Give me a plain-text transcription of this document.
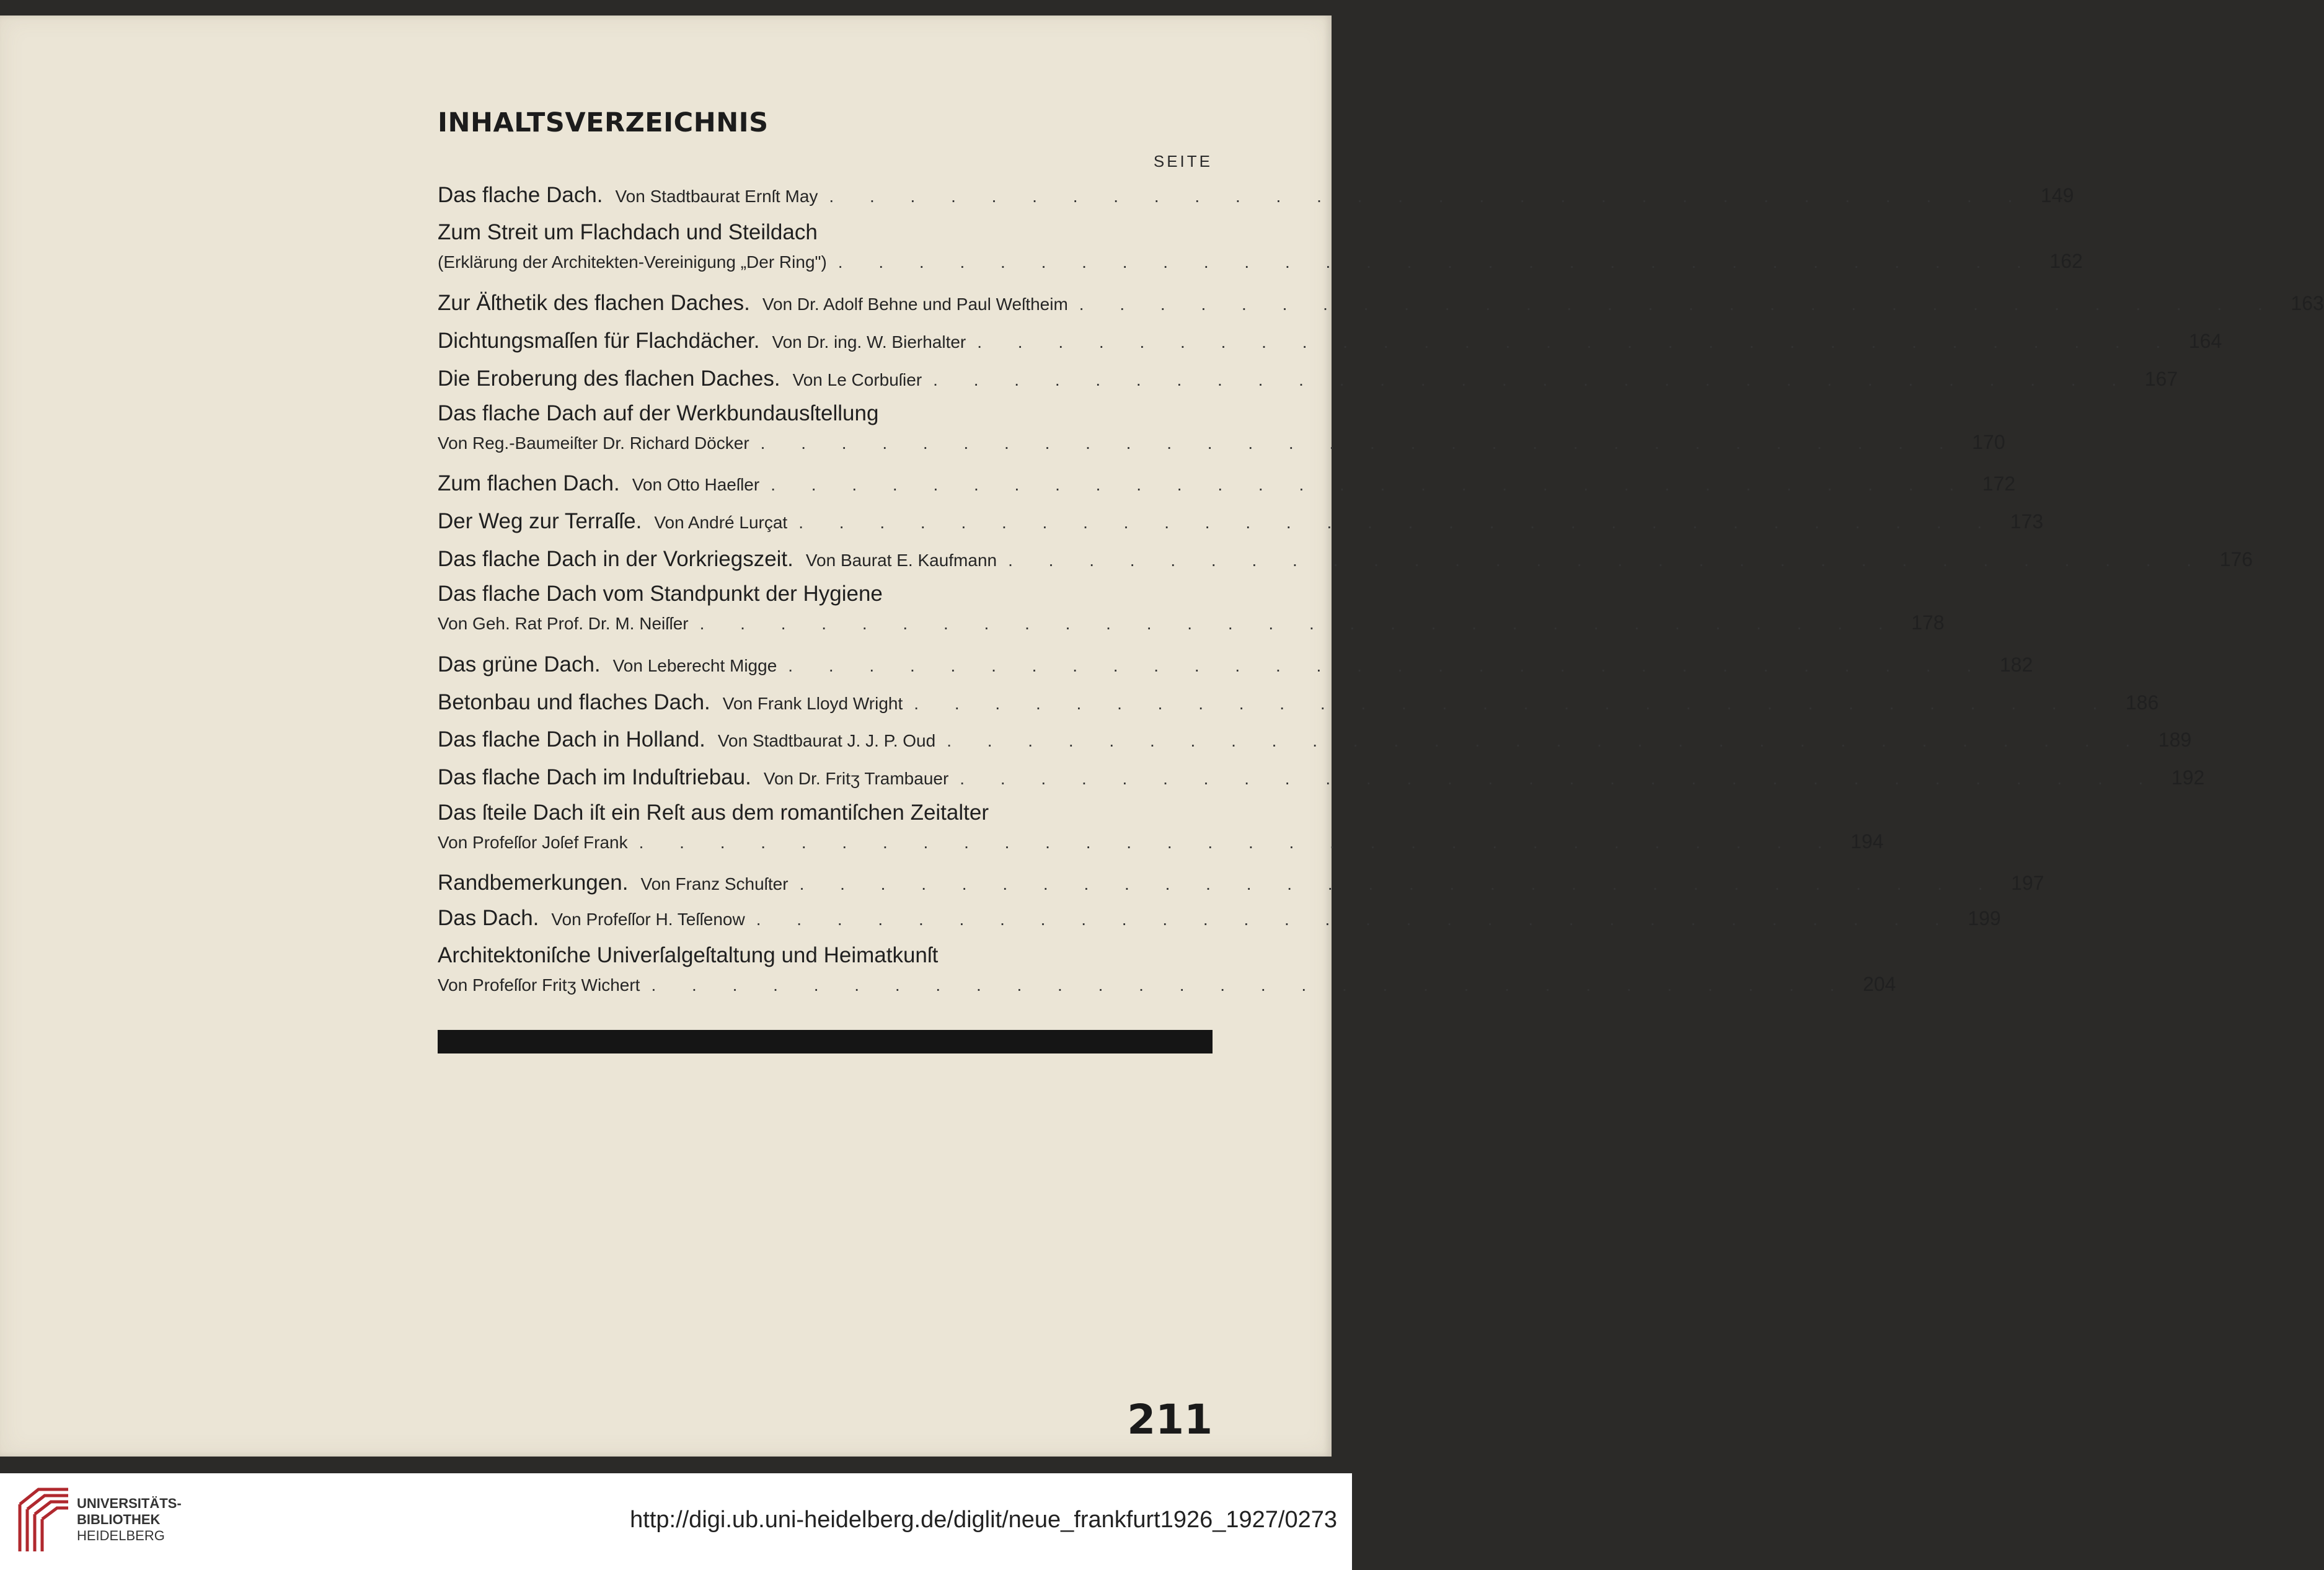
INHALTSVERZEICHNIS
SEITE
Das flache Dach. Von Stadtbaurat Ernſt May . . . . . . . . . . . . . . . . . . . . . . . . . . . . . . 149
Zum Streit um Flachdach und Steildach
(Erklärung der Architekten-Vereinigung „Der Ring") . . . . . . . . . . . . . . . . . . . . . . . . . . . . . . 162
Zur Äſthetik des flachen Daches. Von Dr. Adolf Behne und Paul Weſtheim . . . . . . . . . . . . . . . . . . . . . . . . . . . . . . 163
Dichtungsmaſſen für Flachdächer. Von Dr. ing. W. Bierhalter . . . . . . . . . . . . . . . . . . . . . . . . . . . . . . 164
Die Eroberung des flachen Daches. Von Le Corbuſier . . . . . . . . . . . . . . . . . . . . . . . . . . . . . . 167
Das flache Dach auf der Werkbundausſtellung
Von Reg.-Baumeiſter Dr. Richard Döcker . . . . . . . . . . . . . . . . . . . . . . . . . . . . . . 170
Zum flachen Dach. Von Otto Haeſler . . . . . . . . . . . . . . . . . . . . . . . . . . . . . . 172
Der Weg zur Terraſſe. Von André Lurçat . . . . . . . . . . . . . . . . . . . . . . . . . . . . . . 173
Das flache Dach in der Vorkriegszeit. Von Baurat E. Kaufmann . . . . . . . . . . . . . . . . . . . . . . . . . . . . . . 176
Das flache Dach vom Standpunkt der Hygiene
Von Geh. Rat Prof. Dr. M. Neiſſer . . . . . . . . . . . . . . . . . . . . . . . . . . . . . . 178
Das grüne Dach. Von Leberecht Migge . . . . . . . . . . . . . . . . . . . . . . . . . . . . . . 182
Betonbau und flaches Dach. Von Frank Lloyd Wright . . . . . . . . . . . . . . . . . . . . . . . . . . . . . . 186
Das flache Dach in Holland. Von Stadtbaurat J. J. P. Oud . . . . . . . . . . . . . . . . . . . . . . . . . . . . . . 189
Das flache Dach im Induſtriebau. Von Dr. Fritʒ Trambauer . . . . . . . . . . . . . . . . . . . . . . . . . . . . . . 192
Das ſteile Dach iſt ein Reſt aus dem romantiſchen Zeitalter
Von Profeſſor Joſef Frank . . . . . . . . . . . . . . . . . . . . . . . . . . . . . . 194
Randbemerkungen. Von Franz Schuſter . . . . . . . . . . . . . . . . . . . . . . . . . . . . . . 197
Das Dach. Von Profeſſor H. Teſſenow . . . . . . . . . . . . . . . . . . . . . . . . . . . . . . 199
Architektoniſche Univerſalgeſtaltung und Heimatkunſt
Von Profeſſor Fritʒ Wichert . . . . . . . . . . . . . . . . . . . . . . . . . . . . . . 204
211
UNIVERSITÄTS-
BIBLIOTHEK
HEIDELBERG
http://digi.ub.uni-heidelberg.de/diglit/neue_frankfurt1926_1927/0273
